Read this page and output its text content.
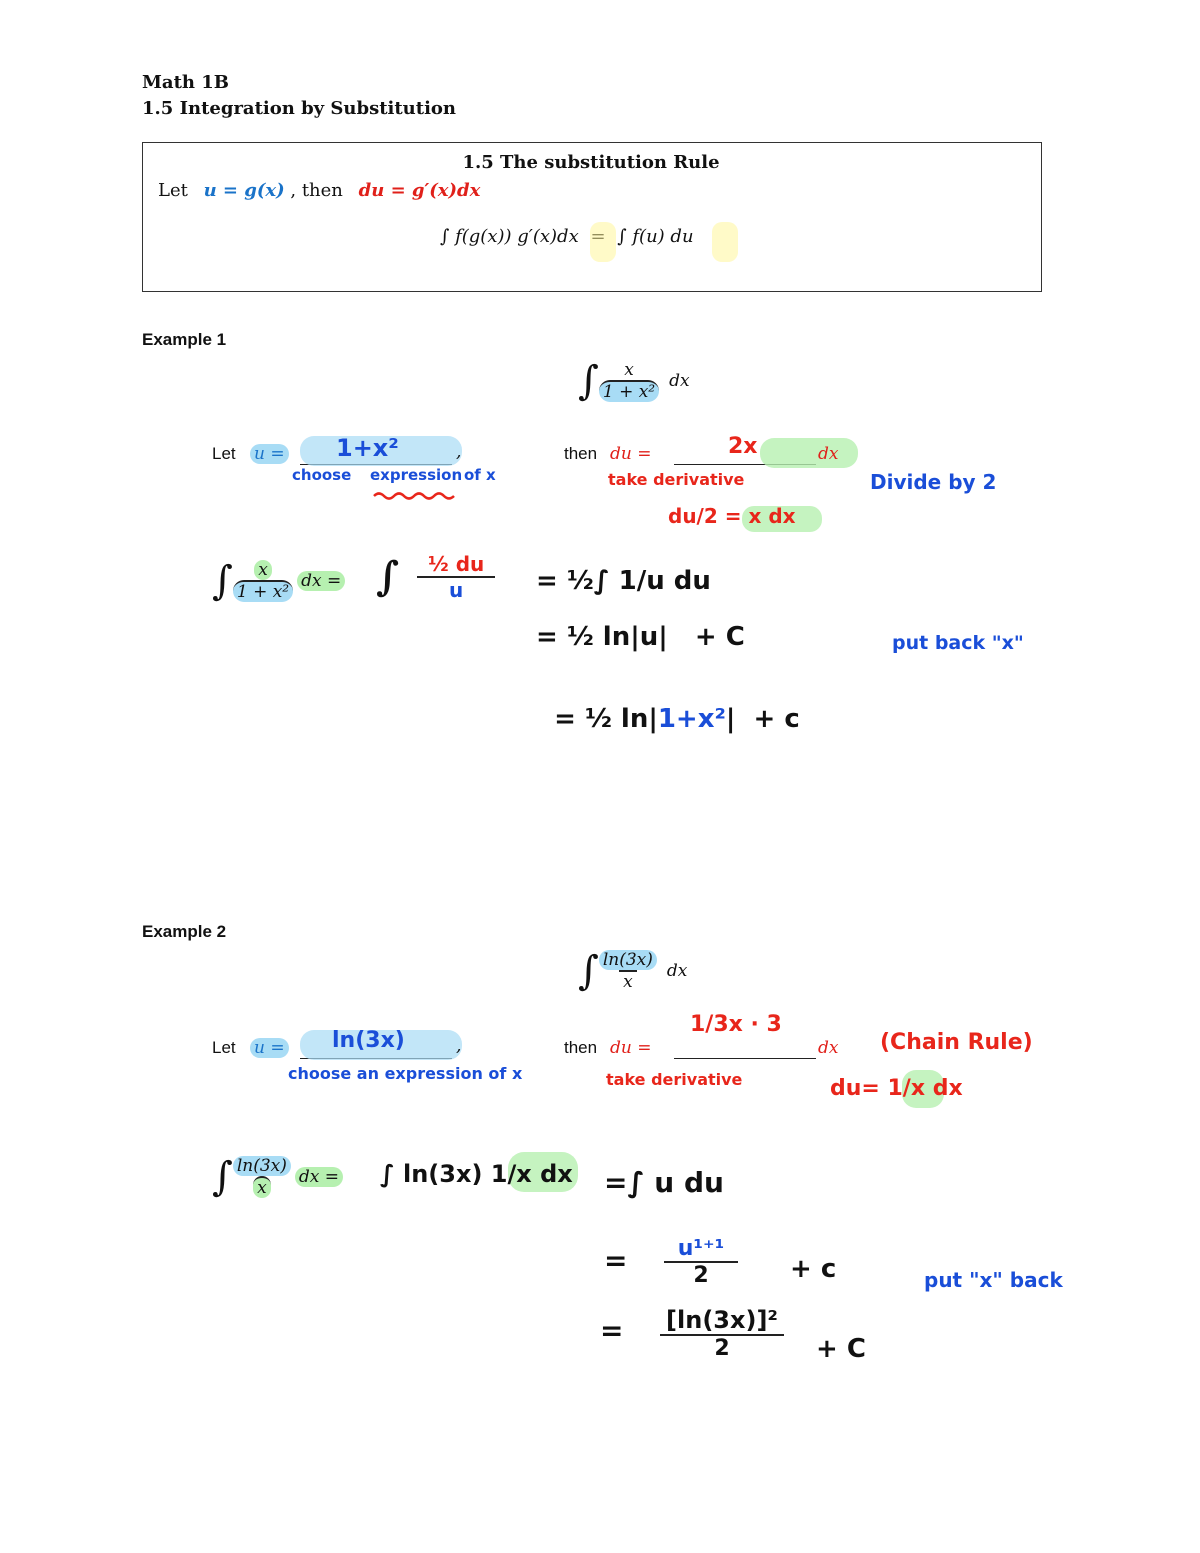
Math 1B
1.5 Integration by Substitution
1.5 The substitution Rule
Let u = g(x) , then du = g′(x)dx
∫ f(g(x)) g′(x)dx ∫ f(u) du
Example 1
∫ $\frac{x}{\text{1 + x²}}$ dx
Let u = 1+x²	,
choose expression of x
then du =	2x	dx
take derivative	Divide by 2
du/2 = x dx
∫ $\frac{x}{\text{1 + x²}}$ dx = ∫ $\frac{\text{½ du}}{u}$ = ½∫ 1/u du
= ½ ln|u|   + C

= ½ ln|1+x²|  + c

put back "x"
Example 2
∫ $\frac{\ln(3x)}{x}$ dx
Let u = ln(3x)	,
choose an expression of x
then du =
1/3x · 3
dx
take derivative
(Chain Rule)
du= 1/x dx
∫ $\frac{\ln(3x)}{x}$ dx = ∫ ln(3x) 1/x dx =∫ u du
= $\frac{\text{u¹⁺¹}}{2} + c$
= $\frac{\text{[ln(3x)]²}}{2} + C$
put "x" back
